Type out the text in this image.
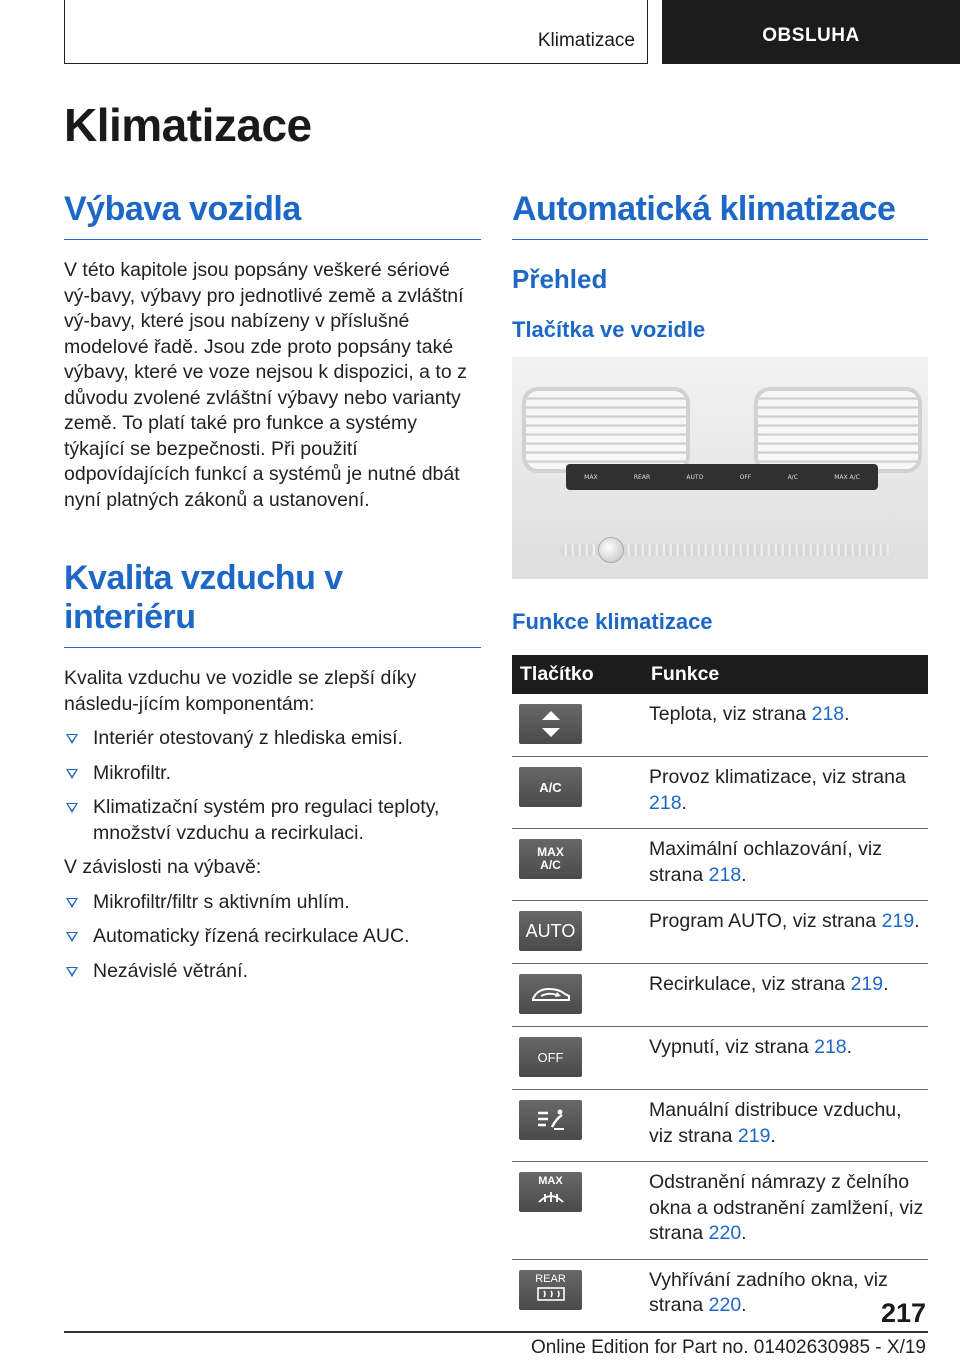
Klimatizace	OBSLUHA
Klimatizace
Výbava vozidla

V této kapitole jsou popsány veškeré sériové vý‐bavy, výbavy pro jednotlivé země a zvláštní vý‐bavy, které jsou nabízeny v příslušné modelové řadě. Jsou zde proto popsány také výbavy, které ve voze nejsou k dispozici, a to z důvodu zvolené zvláštní výbavy nebo varianty země. To platí také pro funkce a systémy týkající se bezpečnosti. Při použití odpovídajících funkcí a systémů je nutné dbát nyní platných zákonů a ustanovení.

Kvalita vzduchu v interiéru

Kvalita vzduchu ve vozidle se zlepší díky následu‐jícím komponentám:

Interiér otestovaný z hlediska emisí.
Mikrofiltr.
Klimatizační systém pro regulaci teploty, množství vzduchu a recirkulaci.

V závislosti na výbavě:

Mikrofiltr/filtr s aktivním uhlím.
Automaticky řízená recirkulace AUC.
Nezávislé větrání.
Automatická klimatizace
Přehled
Tlačítka ve vozidle
MAX	REAR	AUTO	OFF	A/C	MAX A/C
Funkce klimatizace
Tlačítko	Funkce

	Teplota, viz strana 218.

A/C	Provoz klimatizace, viz strana 218.

MAX A/C	Maximální ochlazování, viz strana 218.

AUTO	Program AUTO, viz strana 219.

	Recirkulace, viz strana 219.

OFF	Vypnutí, viz strana 218.

	Manuální distribuce vzduchu, viz strana 219.

MAX	Odstranění námrazy z čelního okna a odstranění zamlžení, viz strana 220.

REAR	Vyhřívání zadního okna, viz strana 220.	217
Online Edition for Part no. 01402630985 - X/19
